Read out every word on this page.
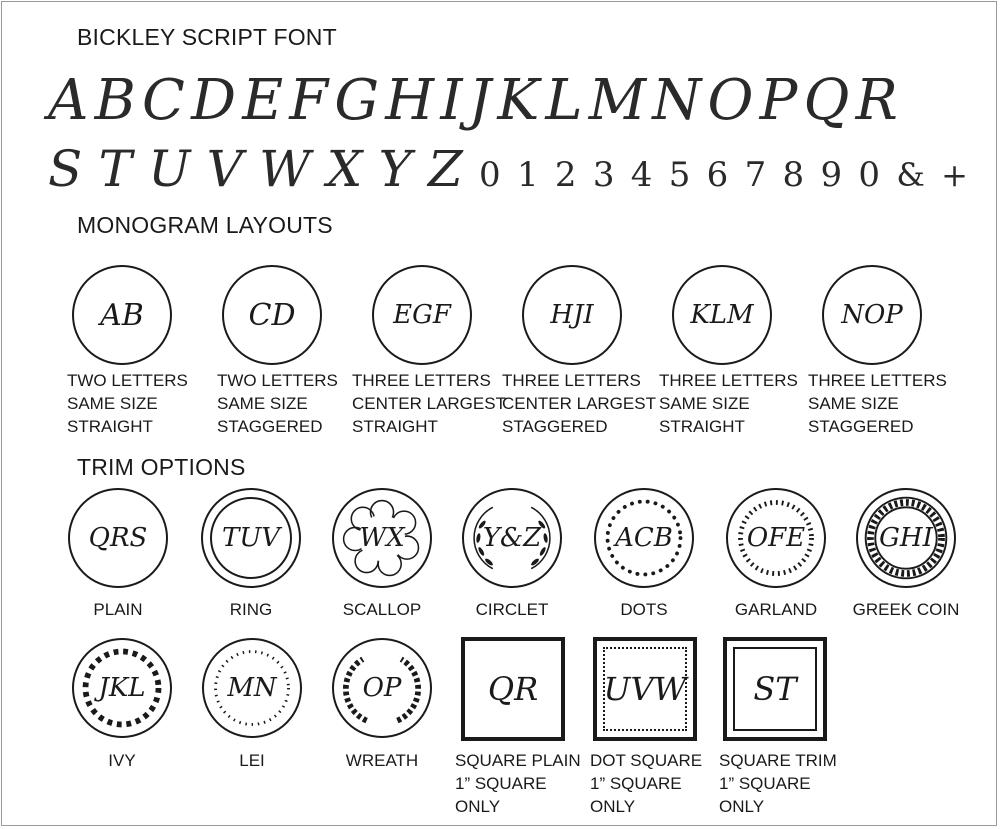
BICKLEY SCRIPT FONT
A B C D E F G H I J K L M N O P Q R
S T U V W X Y Z 0 1 2 3 4 5 6 7 8 9 0 & +
MONOGRAM LAYOUTS
AB	CD	EGF	HJI	KLM	NOP
TWO LETTERS
SAME SIZE
STRAIGHT
TWO LETTERS
SAME SIZE
STAGGERED
THREE LETTERS
CENTER LARGEST
STRAIGHT
THREE LETTERS
CENTER LARGEST
STAGGERED
THREE LETTERS
SAME SIZE
STRAIGHT
THREE LETTERS
SAME SIZE
STAGGERED
TRIM OPTIONS
QRS	TUV	WX	Y&Z	ACB	OFE	GHI
PLAIN	RING	SCALLOP	CIRCLET	DOTS	GARLAND	GREEK COIN
JKL	MN	OP	QR	UVW	ST
IVY	LEI	WREATH	SQUARE PLAIN
1” SQUARE
ONLY
DOT SQUARE
1” SQUARE
ONLY
SQUARE TRIM
1” SQUARE
ONLY
